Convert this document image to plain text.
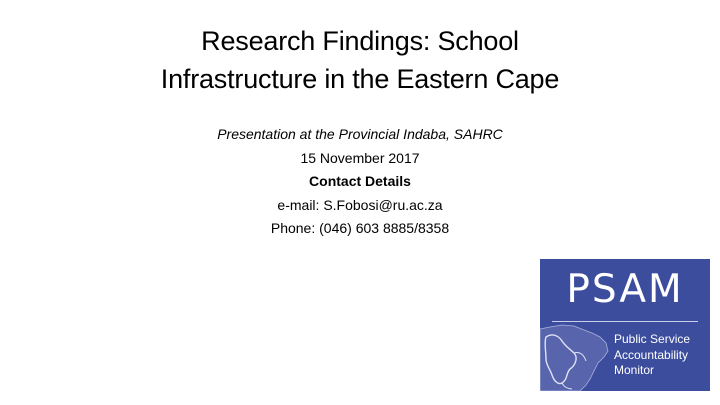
Research Findings: School
Infrastructure in the Eastern Cape
Presentation at the Provincial Indaba, SAHRC
15 November 2017
Contact Details
e-mail: S.Fobosi@ru.ac.za
Phone: (046) 603 8885/8358
PSAM
Public Service
Accountability
Monitor
